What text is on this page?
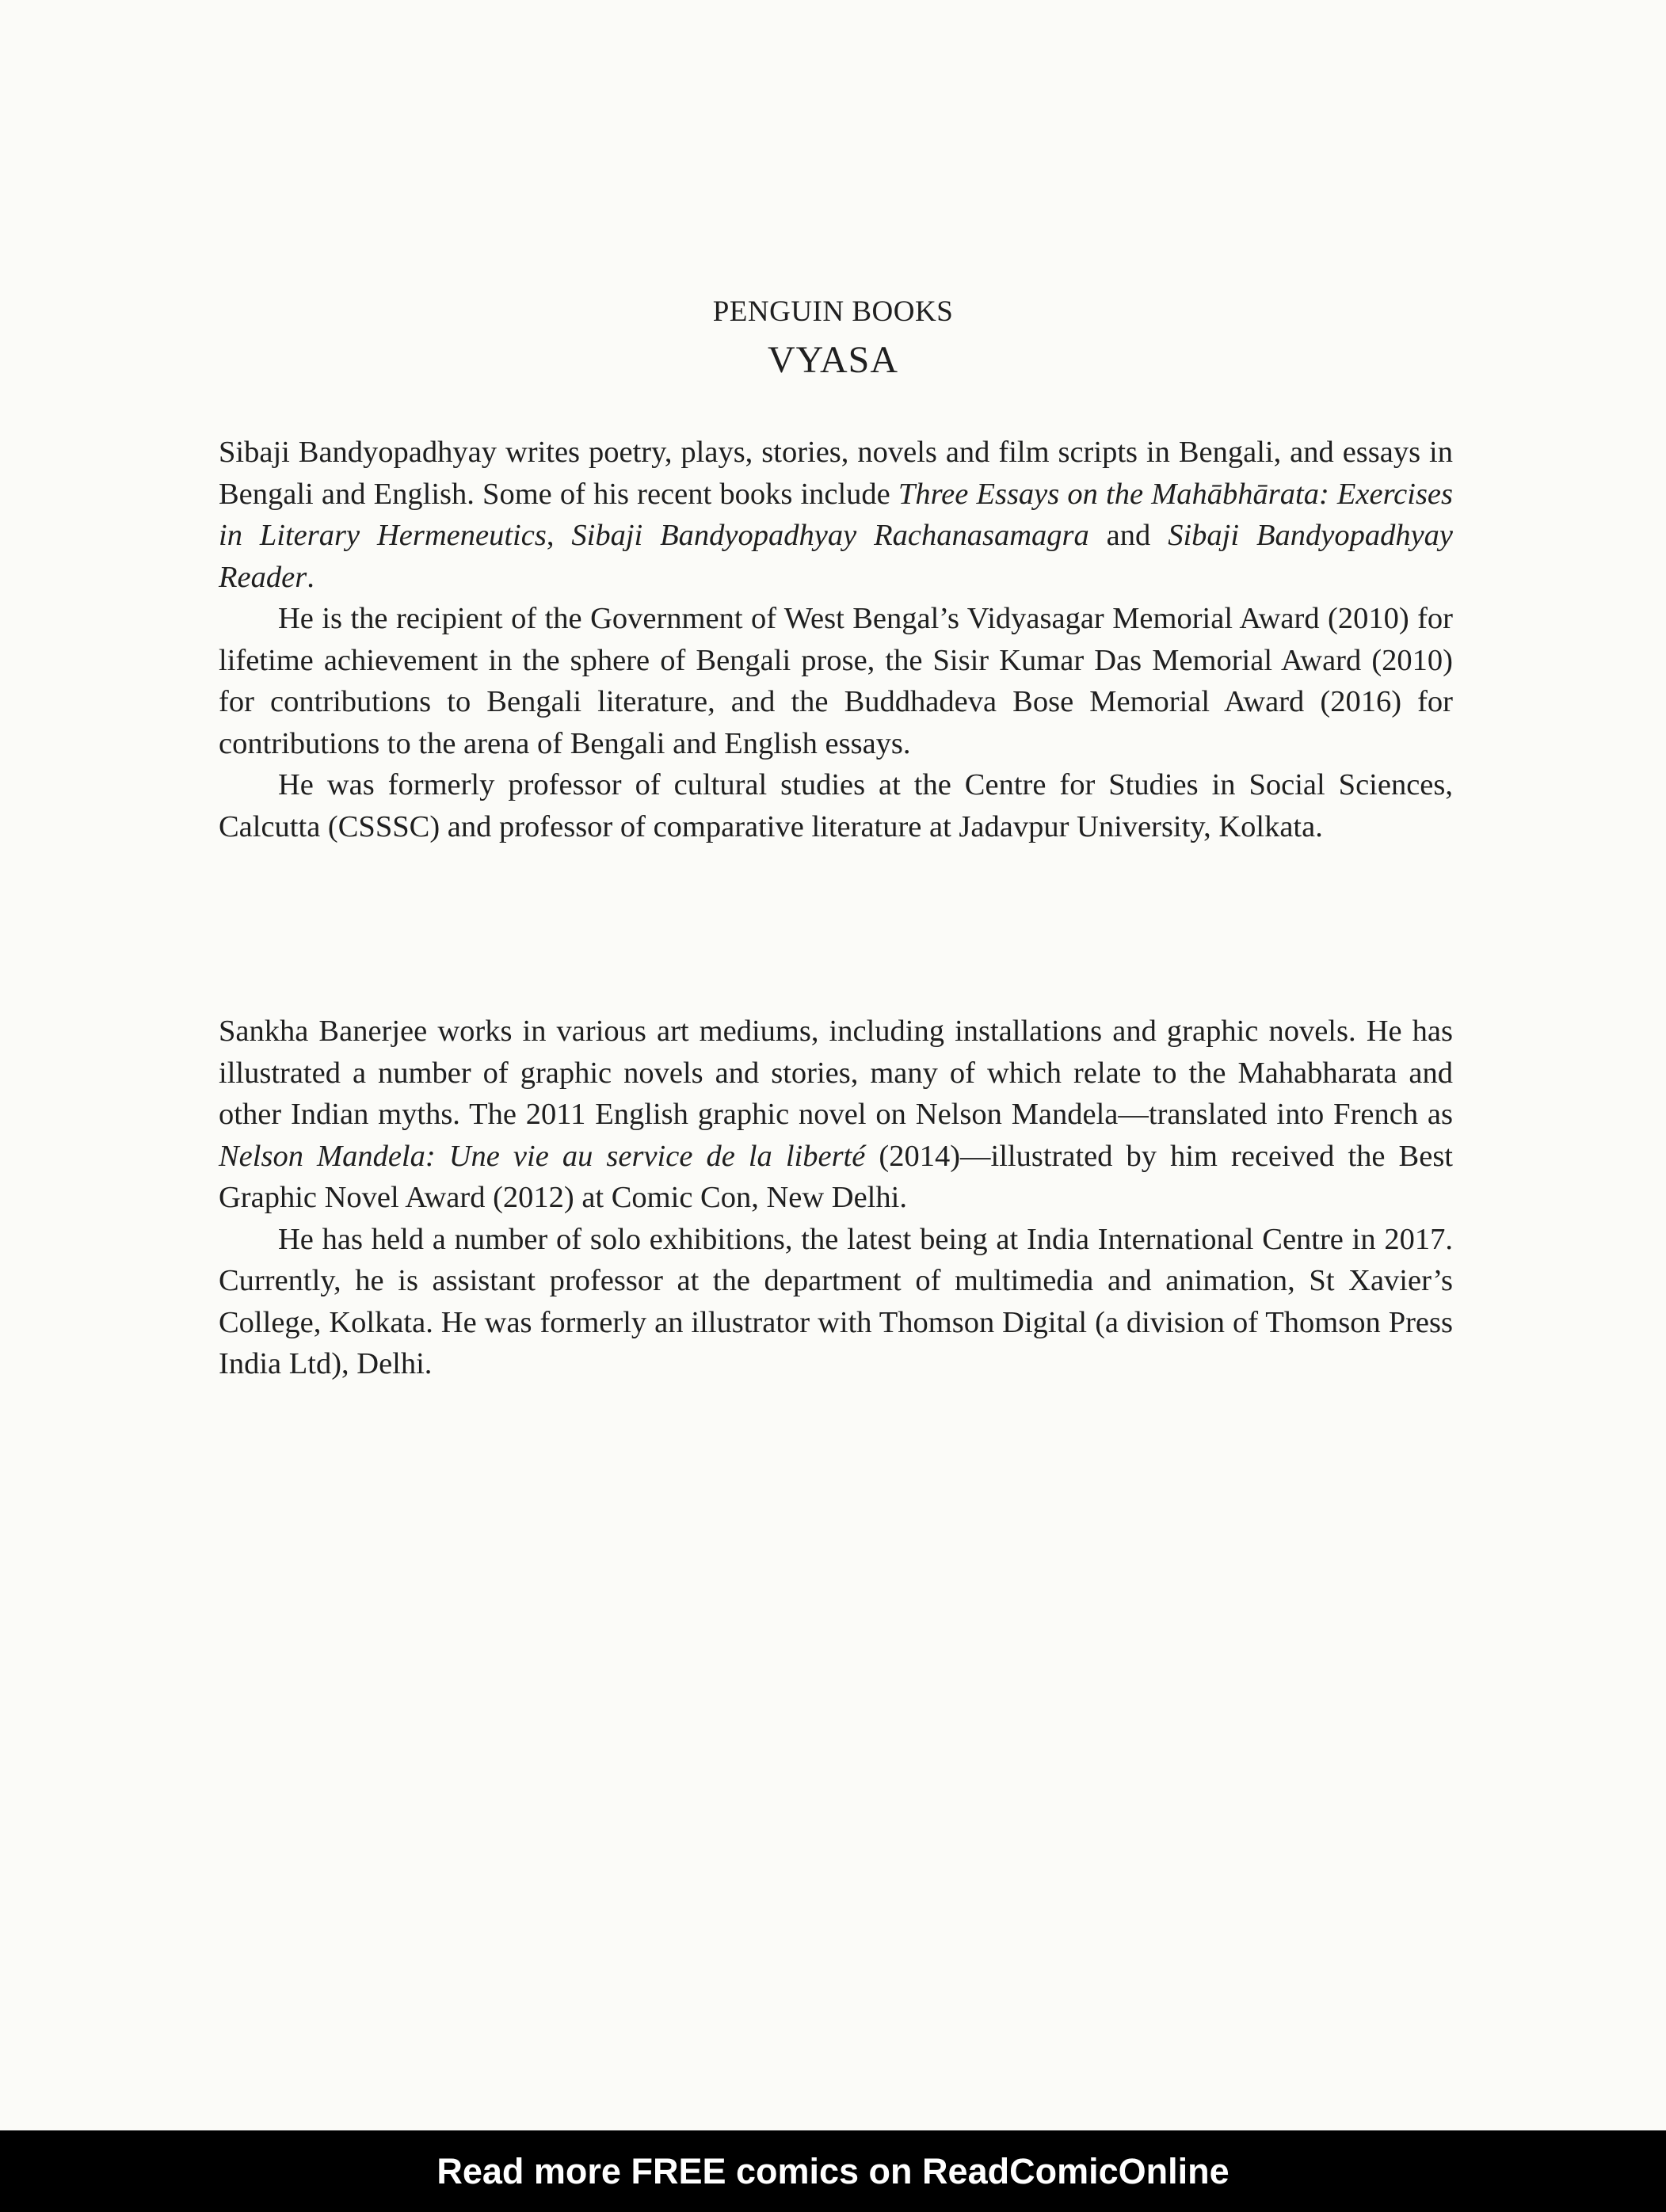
PENGUIN BOOKS
VYASA

Sibaji Bandyopadhyay writes poetry, plays, stories, novels and film scripts in Bengali, and essays in Bengali and English. Some of his recent books include Three Essays on the Mahābhārata: Exercises in Literary Hermeneutics, Sibaji Bandyopadhyay Rachanasamagra and Sibaji Bandyopadhyay Reader.

He is the recipient of the Government of West Bengal’s Vidyasagar Memorial Award (2010) for lifetime achievement in the sphere of Bengali prose, the Sisir Kumar Das Memorial Award (2010) for contributions to Bengali literature, and the Buddhadeva Bose Memorial Award (2016) for contributions to the arena of Bengali and English essays.

He was formerly professor of cultural studies at the Centre for Studies in Social Sciences, Calcutta (CSSSC) and professor of comparative literature at Jadavpur University, Kolkata.

Sankha Banerjee works in various art mediums, including installations and graphic novels. He has illustrated a number of graphic novels and stories, many of which relate to the Mahabharata and other Indian myths. The 2011 English graphic novel on Nelson Mandela—translated into French as Nelson Mandela: Une vie au service de la liberté (2014)—illustrated by him received the Best Graphic Novel Award (2012) at Comic Con, New Delhi.

He has held a number of solo exhibitions, the latest being at India International Centre in 2017. Currently, he is assistant professor at the department of multimedia and animation, St Xavier’s College, Kolkata. He was formerly an illustrator with Thomson Digital (a division of Thomson Press India Ltd), Delhi.

Read more FREE comics on ReadComicOnline
